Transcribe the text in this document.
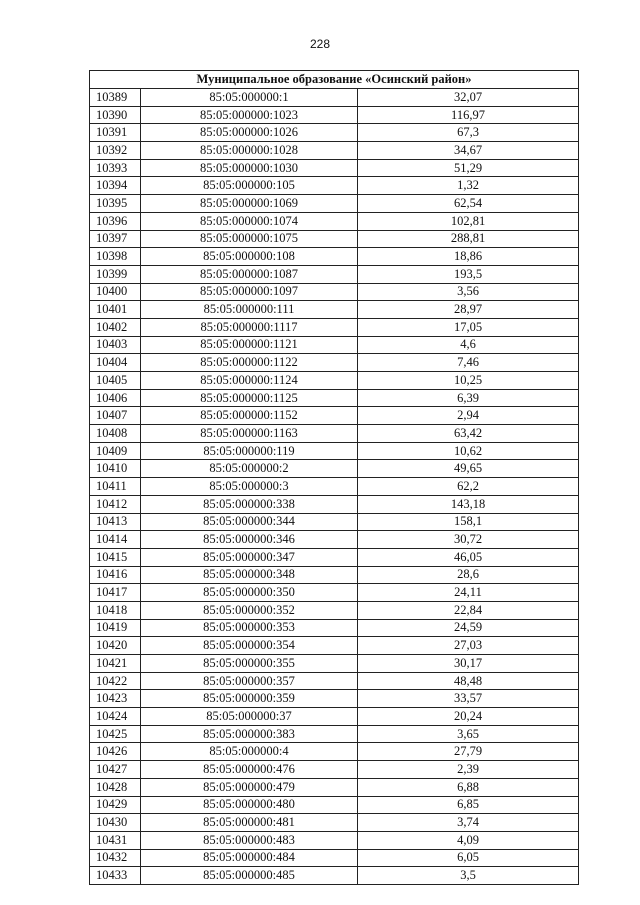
228
Муниципальное образование «Осинский район»		
10389	85:05:000000:1	32,07
10390	85:05:000000:1023	116,97
10391	85:05:000000:1026	67,3
10392	85:05:000000:1028	34,67
10393	85:05:000000:1030	51,29
10394	85:05:000000:105	1,32
10395	85:05:000000:1069	62,54
10396	85:05:000000:1074	102,81
10397	85:05:000000:1075	288,81
10398	85:05:000000:108	18,86
10399	85:05:000000:1087	193,5
10400	85:05:000000:1097	3,56
10401	85:05:000000:111	28,97
10402	85:05:000000:1117	17,05
10403	85:05:000000:1121	4,6
10404	85:05:000000:1122	7,46
10405	85:05:000000:1124	10,25
10406	85:05:000000:1125	6,39
10407	85:05:000000:1152	2,94
10408	85:05:000000:1163	63,42
10409	85:05:000000:119	10,62
10410	85:05:000000:2	49,65
10411	85:05:000000:3	62,2
10412	85:05:000000:338	143,18
10413	85:05:000000:344	158,1
10414	85:05:000000:346	30,72
10415	85:05:000000:347	46,05
10416	85:05:000000:348	28,6
10417	85:05:000000:350	24,11
10418	85:05:000000:352	22,84
10419	85:05:000000:353	24,59
10420	85:05:000000:354	27,03
10421	85:05:000000:355	30,17
10422	85:05:000000:357	48,48
10423	85:05:000000:359	33,57
10424	85:05:000000:37	20,24
10425	85:05:000000:383	3,65
10426	85:05:000000:4	27,79
10427	85:05:000000:476	2,39
10428	85:05:000000:479	6,88
10429	85:05:000000:480	6,85
10430	85:05:000000:481	3,74
10431	85:05:000000:483	4,09
10432	85:05:000000:484	6,05
10433	85:05:000000:485	3,5
